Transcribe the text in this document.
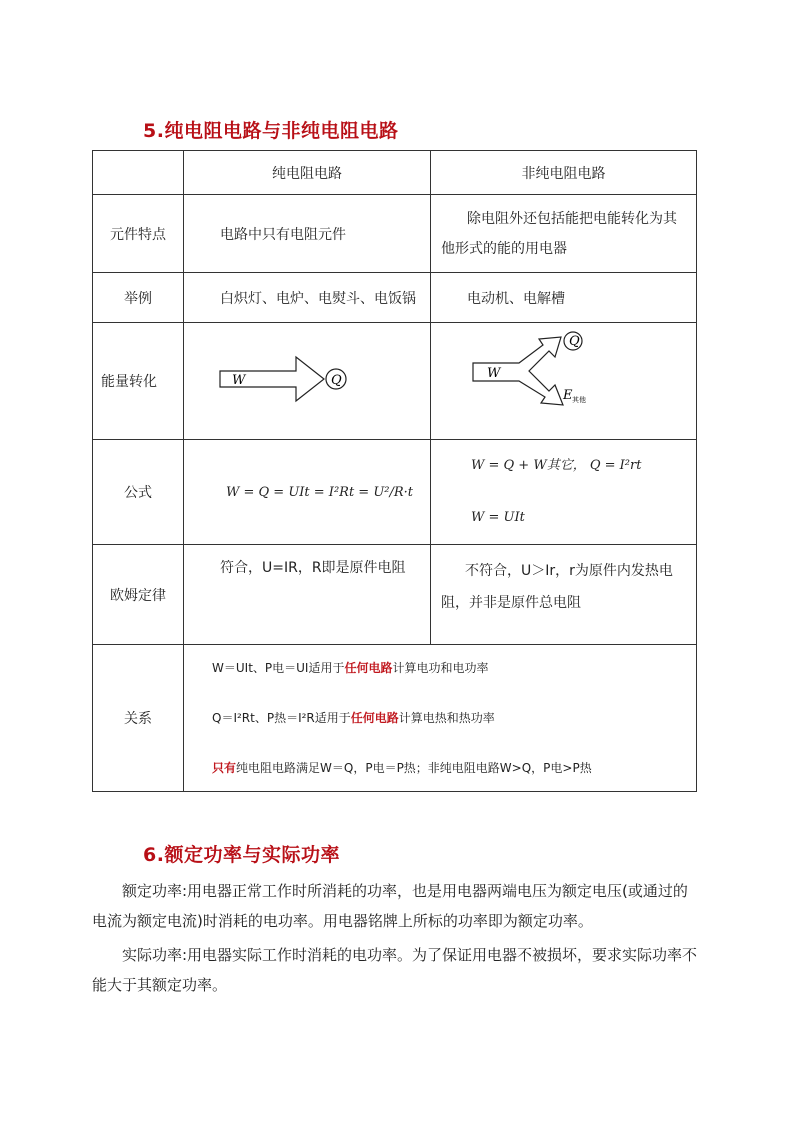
5.纯电阻电路与非纯电阻电路
	纯电阻电路	非纯电阻电路
元件特点	电路中只有电阻元件	除电阻外还包括能把电能转化为其他形式的能的用电器
举例	白炽灯、电炉、电熨斗、电饭锅	电动机、电解槽
能量转化	W Q	W
Q
E 其他

公式	W = Q = UIt = I²Rt = U²/R·t	W = Q + W其它， Q = I²rt
W = UIt

欧姆定律	符合，U=IR，R即是原件电阻	不符合，U＞Ir，r为原件内发热电阻，并非是原件总电阻
关系	W＝UIt、P电＝UI适用于任何电路计算电功和电功率
Q＝I²Rt、P热＝I²R适用于任何电路计算电热和热功率
只有纯电阻电路满足W＝Q，P电＝P热；非纯电阻电路W>Q，P电>P热	
6.额定功率与实际功率
额定功率:用电器正常工作时所消耗的功率，也是用电器两端电压为额定电压(或通过的电流为额定电流)时消耗的电功率。用电器铭牌上所标的功率即为额定功率。
实际功率:用电器实际工作时消耗的电功率。为了保证用电器不被损坏，要求实际功率不能大于其额定功率。
